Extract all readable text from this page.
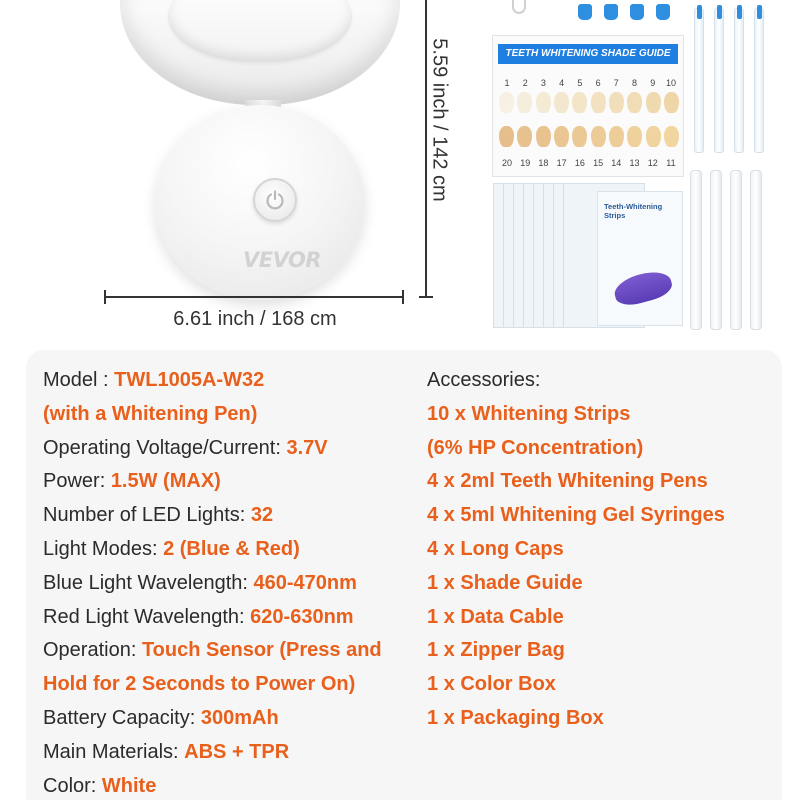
VEVOR
6.61 inch / 168 cm
5.59 inch / 142 cm	TEETH WHITENING SHADE GUIDE
1	2	3	4	5	6	7	8	9	10
20 19 18 17 16 15 14 13 12 11
Teeth-Whitening
Strips
Model : TWL1005A-W32
(with a Whitening Pen)
Operating Voltage/Current: 3.7V
Power: 1.5W (MAX)
Number of LED Lights: 32
Light Modes: 2 (Blue & Red)
Blue Light Wavelength: 460-470nm
Red Light Wavelength: 620-630nm
Operation: Touch Sensor (Press and
Hold for 2 Seconds to Power On)
Battery Capacity: 300mAh
Main Materials: ABS + TPR
Color: White
Accessories:
10 x Whitening Strips
(6% HP Concentration)
4 x 2ml Teeth Whitening Pens
4 x 5ml Whitening Gel Syringes
4 x Long Caps
1 x Shade Guide
1 x Data Cable
1 x Zipper Bag
1 x Color Box
1 x Packaging Box
